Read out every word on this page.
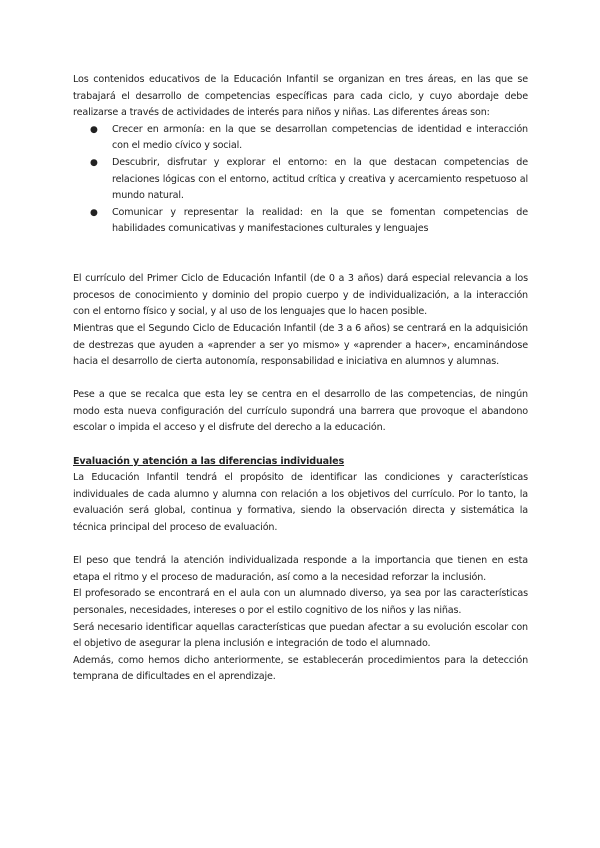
Los contenidos educativos de la Educación Infantil se organizan en tres áreas, en las que se trabajará el desarrollo de competencias específicas para cada ciclo, y cuyo abordaje debe realizarse a través de actividades de interés para niños y niñas. Las diferentes áreas son:

● Crecer en armonía: en la que se desarrollan competencias de identidad e interacción con el medio cívico y social.
● Descubrir, disfrutar y explorar el entorno: en la que destacan competencias de relaciones lógicas con el entorno, actitud crítica y creativa y acercamiento respetuoso al mundo natural.
● Comunicar y representar la realidad: en la que se fomentan competencias de habilidades comunicativas y manifestaciones culturales y lenguajes

El currículo del Primer Ciclo de Educación Infantil (de 0 a 3 años) dará especial relevancia a los procesos de conocimiento y dominio del propio cuerpo y de individualización, a la interacción con el entorno físico y social, y al uso de los lenguajes que lo hacen posible.

Mientras que el Segundo Ciclo de Educación Infantil (de 3 a 6 años) se centrará en la adquisición de destrezas que ayuden a «aprender a ser yo mismo» y «aprender a hacer», encaminándose hacia el desarrollo de cierta autonomía, responsabilidad e iniciativa en alumnos y alumnas.

Pese a que se recalca que esta ley se centra en el desarrollo de las competencias, de ningún modo esta nueva configuración del currículo supondrá una barrera que provoque el abandono escolar o impida el acceso y el disfrute del derecho a la educación.

Evaluación y atención a las diferencias individuales

La Educación Infantil tendrá el propósito de identificar las condiciones y características individuales de cada alumno y alumna con relación a los objetivos del currículo. Por lo tanto, la evaluación será global, continua y formativa, siendo la observación directa y sistemática la técnica principal del proceso de evaluación.

El peso que tendrá la atención individualizada responde a la importancia que tienen en esta etapa el ritmo y el proceso de maduración, así como a la necesidad reforzar la inclusión.

El profesorado se encontrará en el aula con un alumnado diverso, ya sea por las características personales, necesidades, intereses o por el estilo cognitivo de los niños y las niñas.

Será necesario identificar aquellas características que puedan afectar a su evolución escolar con el objetivo de asegurar la plena inclusión e integración de todo el alumnado.

Además, como hemos dicho anteriormente, se establecerán procedimientos para la detección temprana de dificultades en el aprendizaje.
